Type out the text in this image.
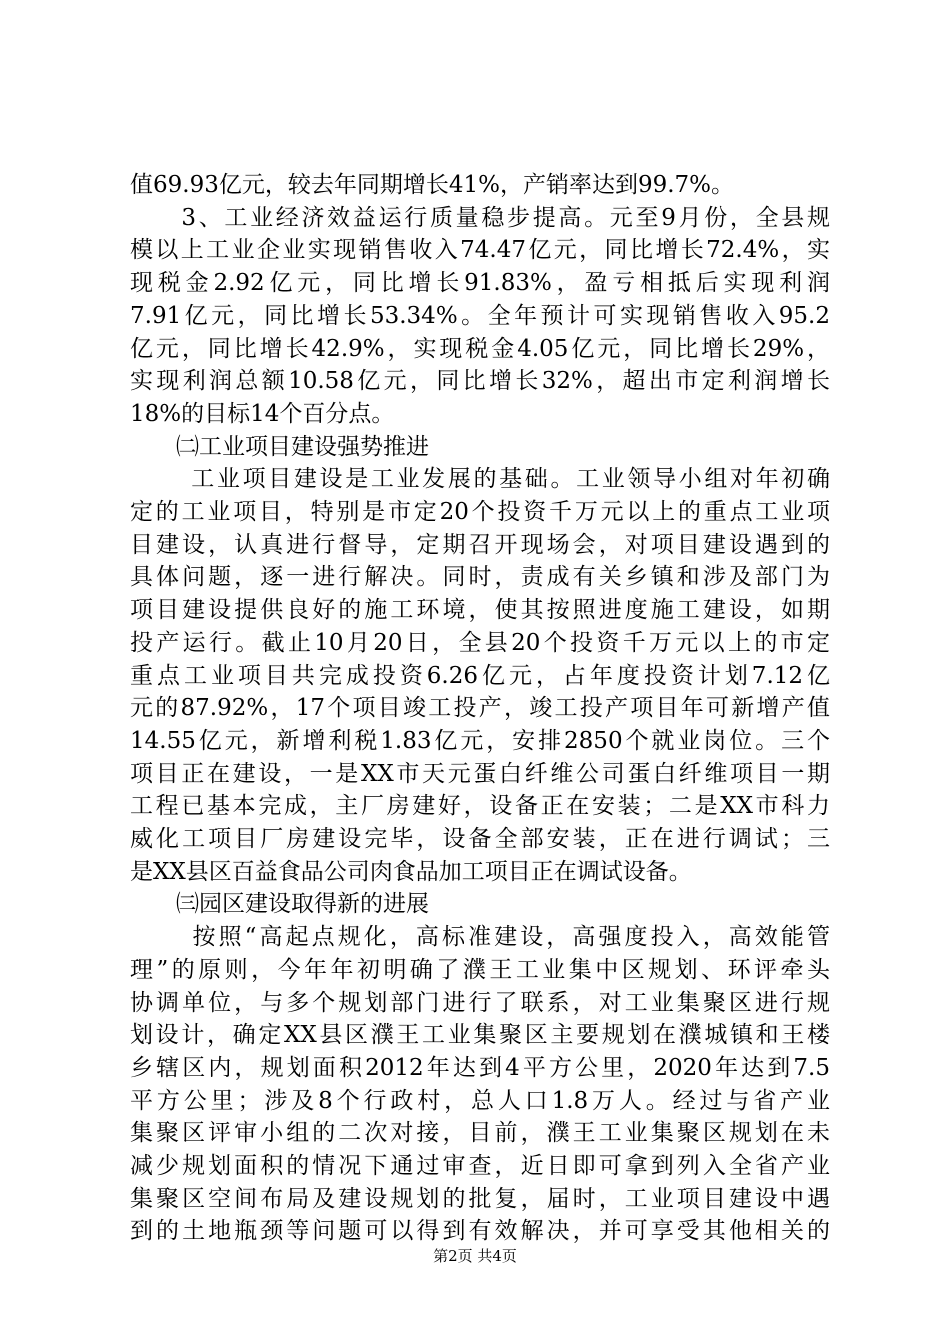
值69.93亿元，较去年同期增长41%，产销率达到99.7%。
　　3、工业经济效益运行质量稳步提高。元至9月份，全县规
模以上工业企业实现销售收入74.47亿元，同比增长72.4%，实
现税金2.92亿元，同比增长91.83%，盈亏相抵后实现利润
7.91亿元，同比增长53.34%。全年预计可实现销售收入95.2
亿元，同比增长42.9%，实现税金4.05亿元，同比增长29%，
实现利润总额10.58亿元，同比增长32%，超出市定利润增长
18%的目标14个百分点。
　　㈡工业项目建设强势推进
　　 工业项目建设是工业发展的基础。工业领导小组对年初确
定的工业项目，特别是市定20个投资千万元以上的重点工业项
目建设，认真进行督导，定期召开现场会，对项目建设遇到的
具体问题，逐一进行解决。同时，责成有关乡镇和涉及部门为
项目建设提供良好的施工环境，使其按照进度施工建设，如期
投产运行。截止10月20日，全县20个投资千万元以上的市定
重点工业项目共完成投资6.26亿元，占年度投资计划7.12亿
元的87.92%，17个项目竣工投产，竣工投产项目年可新增产值
14.55亿元，新增利税1.83亿元，安排2850个就业岗位。三个
项目正在建设，一是XX市天元蛋白纤维公司蛋白纤维项目一期
工程已基本完成，主厂房建好，设备正在安装；二是XX市科力
威化工项目厂房建设完毕，设备全部安装，正在进行调试；三
是XX县区百益食品公司肉食品加工项目正在调试设备。
　　㈢园区建设取得新的进展
　　 按照“高起点规化，高标准建设，高强度投入，高效能管
理”的原则，今年年初明确了濮王工业集中区规划、环评牵头
协调单位，与多个规划部门进行了联系，对工业集聚区进行规
划设计，确定XX县区濮王工业集聚区主要规划在濮城镇和王楼
乡辖区内，规划面积2012年达到4平方公里，2020年达到7.5
平方公里；涉及8个行政村，总人口1.8万人。经过与省产业
集聚区评审小组的二次对接，目前，濮王工业集聚区规划在未
减少规划面积的情况下通过审查，近日即可拿到列入全省产业
集聚区空间布局及建设规划的批复，届时，工业项目建设中遇
到的土地瓶颈等问题可以得到有效解决，并可享受其他相关的
第2页 共4页
